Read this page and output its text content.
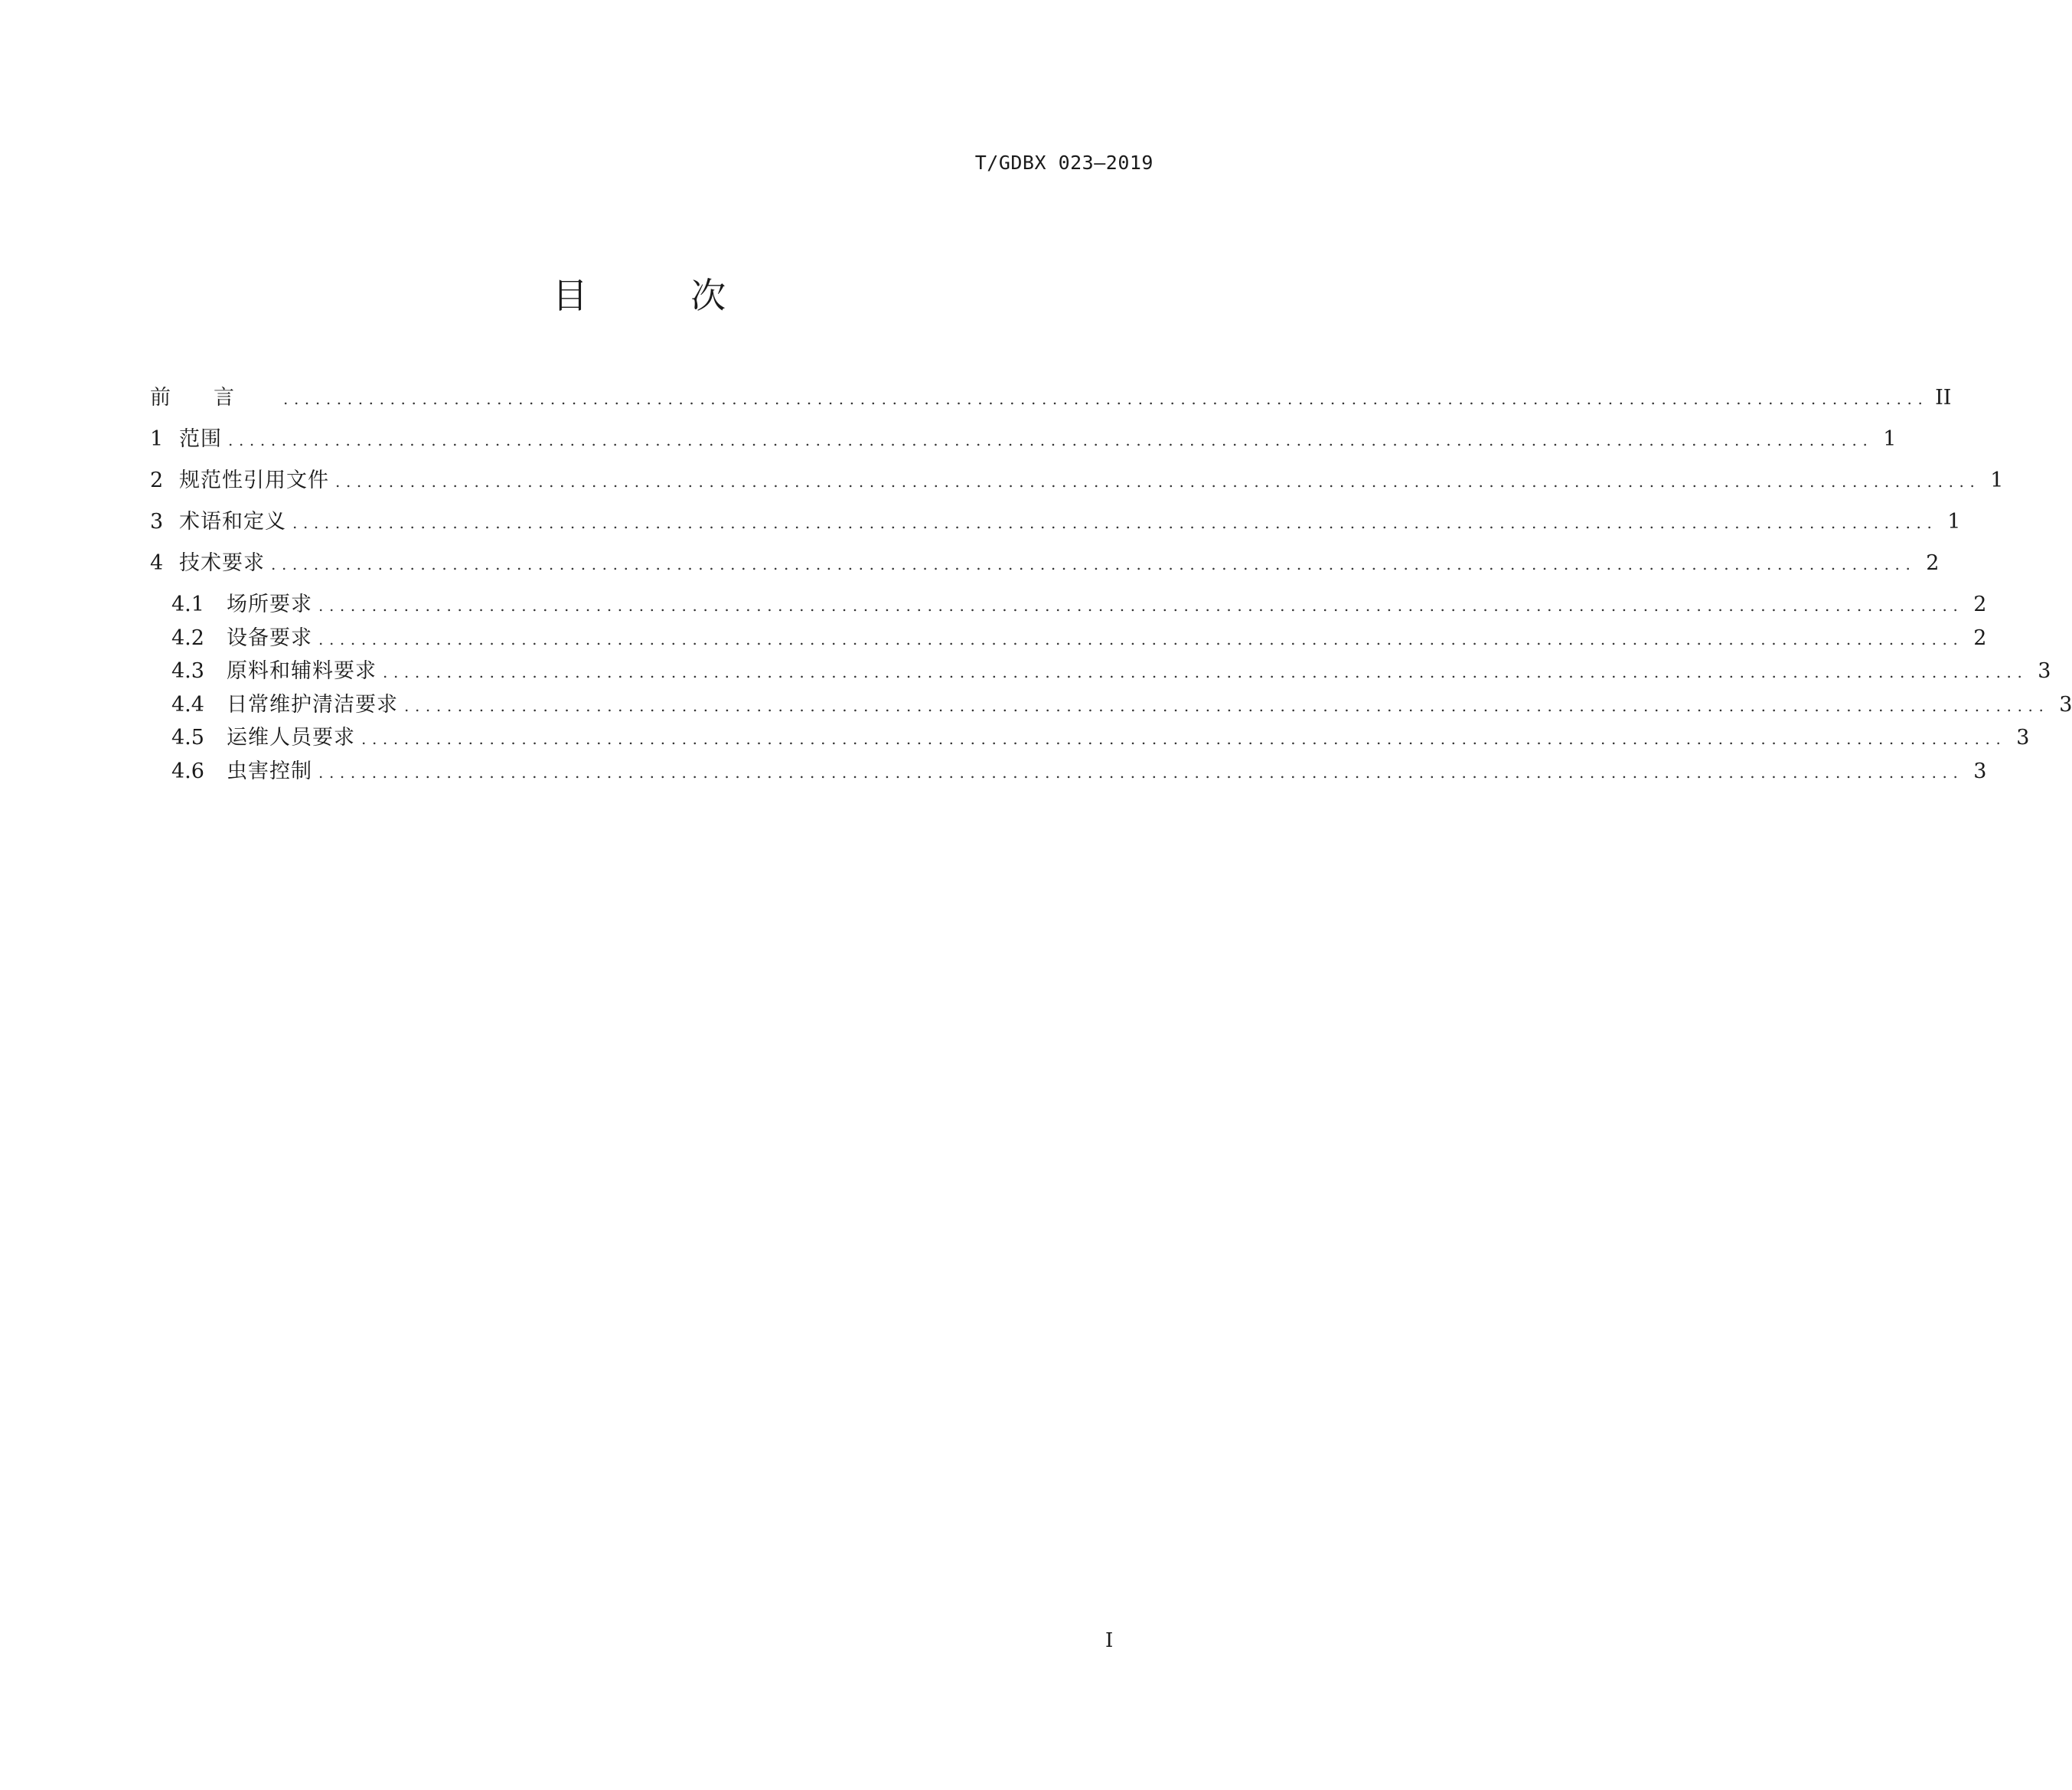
T/GDBX 023—2019
目 次
前言 .......................................................................................................................................................... II
1 范围 .......................................................................................................................................................... 1
2 规范性引用文件 .......................................................................................................................................................... 1
3 术语和定义 .......................................................................................................................................................... 1
4 技术要求 .......................................................................................................................................................... 2
4.1	场所要求 .......................................................................................................................................................... 2
4.2	设备要求 .......................................................................................................................................................... 2
4.3	原料和辅料要求 .......................................................................................................................................................... 3
4.4	日常维护清洁要求 .......................................................................................................................................................... 3
4.5	运维人员要求 .......................................................................................................................................................... 3
4.6	虫害控制 .......................................................................................................................................................... 3
I
